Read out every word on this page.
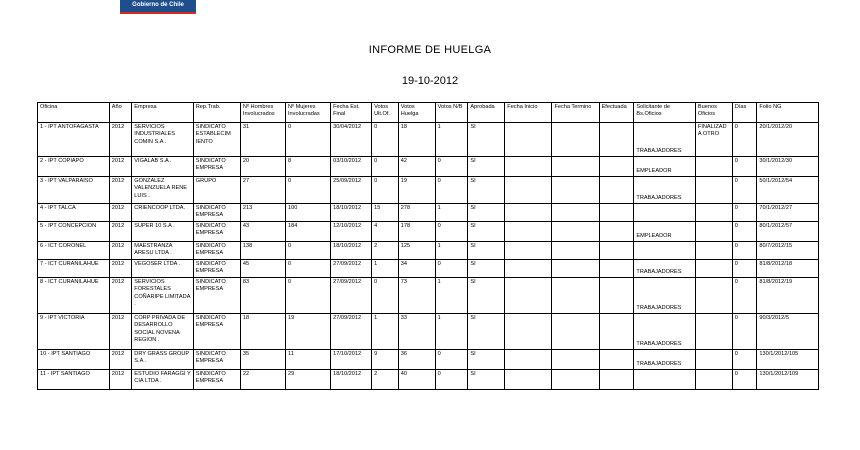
Gobierno de Chile
INFORME DE HUELGA
19-10-2012
Oficina	Año	Empresa	Rep.Trab.	Nº Hombres Involucrados	Nº Mujeres Involucradas	Fecha Est. Final	Votos Ult.Of.	Votos Huelga	Votos N/B	Aprobada	Fecha Inicio	Fecha Termino	Efectuada	Solicitante de Bs.Oficios	Buenos Oficios	Días	Folio NG
1 - IPT ANTOFAGASTA	2012	SERVICIOS INDUSTRIALES COMIN S.A .	SINDICATO ESTABLECIM IENTO	31	0	30/04/2012	0	18	1	SI				TRABAJADORES	FINALIZAD A OTRO	0	20/1/2012/20
2 - IPT COPIAPO	2012	VIGALAB S.A .	SINDICATO EMPRESA	20	8	03/10/2012	0	42	0	SI				EMPLEADOR		0	30/1/2012/30
3 - IPT VALPARAISO	2012	GONZALEZ VALENZUELA RENE LUIS .	GRUPO	27	0	25/09/2012	0	19	0	SI				TRABAJADORES		0	50/1/2012/54
4 - IPT TALCA	2012	CRIENCOOP LTDA.	SINDICATO EMPRESA	213	100	18/10/2012	15	278	1	SI						0	70/1/2012/27
5 - IPT CONCEPCION	2012	SUPER 10 S.A .	SINDICATO EMPRESA	43	184	12/10/2012	4	178	0	SI				EMPLEADOR		0	80/1/2012/57
6 - ICT CORONEL	2012	MAESTRANZA ARESU LTDA .	SINDICATO EMPRESA	138	0	18/10/2012	2	125	1	SI						0	80/7/2012/15
7 - ICT CURANILAHUE	2012	VEGOSER LTDA .	SINDICATO EMPRESA	45	0	27/09/2012	1	34	0	SI				TRABAJADORES		0	81/8/2012/18
8 - ICT CURANILAHUE	2012	SERVICIOS FORESTALES COÑARIPE LIMITADA .	SINDICATO EMPRESA	83	0	27/09/2012	0	73	1	SI				TRABAJADORES		0	81/8/2012/19
9 - IPT VICTORIA	2012	CORP PRIVADA DE DESARROLLO SOCIAL NOVENA REGION .	SINDICATO EMPRESA	18	19	27/09/2012	1	33	1	SI				TRABAJADORES		0	90/3/2012/5
10 - IPT SANTIAGO	2012	DRY GRASS GROUP S.A .	SINDICATO EMPRESA	35	11	17/10/2012	9	36	0	SI				TRABAJADORES		0	130/1/2012/105
11 - IPT SANTIAGO	2012	ESTUDIO FARAGGI Y CIA LTDA .	SINDICATO EMPRESA	22	29	18/10/2012	2	40	0	SI						0	130/1/2012/109
